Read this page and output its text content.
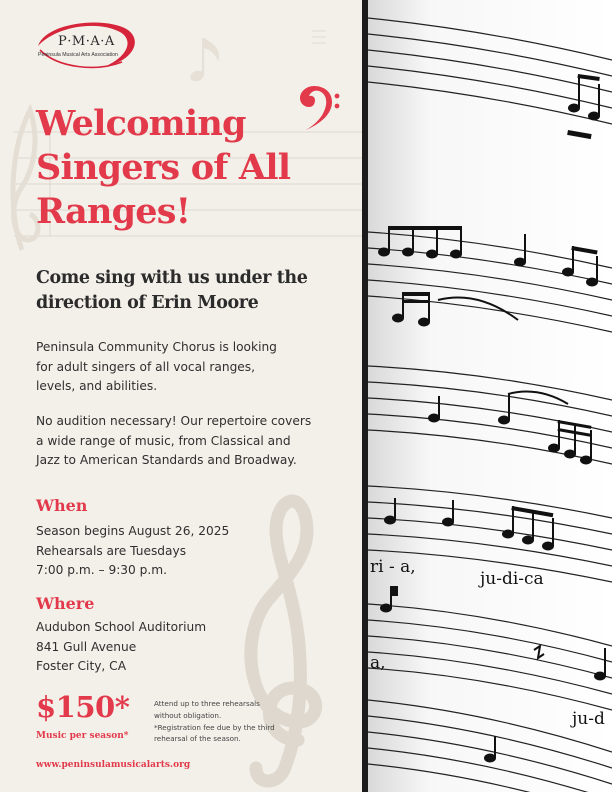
P·M·A·A
Peninsula Musical Arts Association
Welcoming
Singers of All
Ranges!
Come sing with us under the
direction of Erin Moore
Peninsula Community Chorus is looking
for adult singers of all vocal ranges,
levels, and abilities.
No audition necessary! Our repertoire covers
a wide range of music, from Classical and
Jazz to American Standards and Broadway.
When
Season begins August 26, 2025
Rehearsals are Tuesdays
7:00 p.m. – 9:30 p.m.
Where
Audubon School Auditorium
841 Gull Avenue
Foster City, CA
$150*
Music per season*
Attend up to three rehearsals
without obligation.
*Registration fee due by the third
rehearsal of the season.
www.peninsulamusicalarts.org
ri - a,
ju-di-ca
a,
ju-d
